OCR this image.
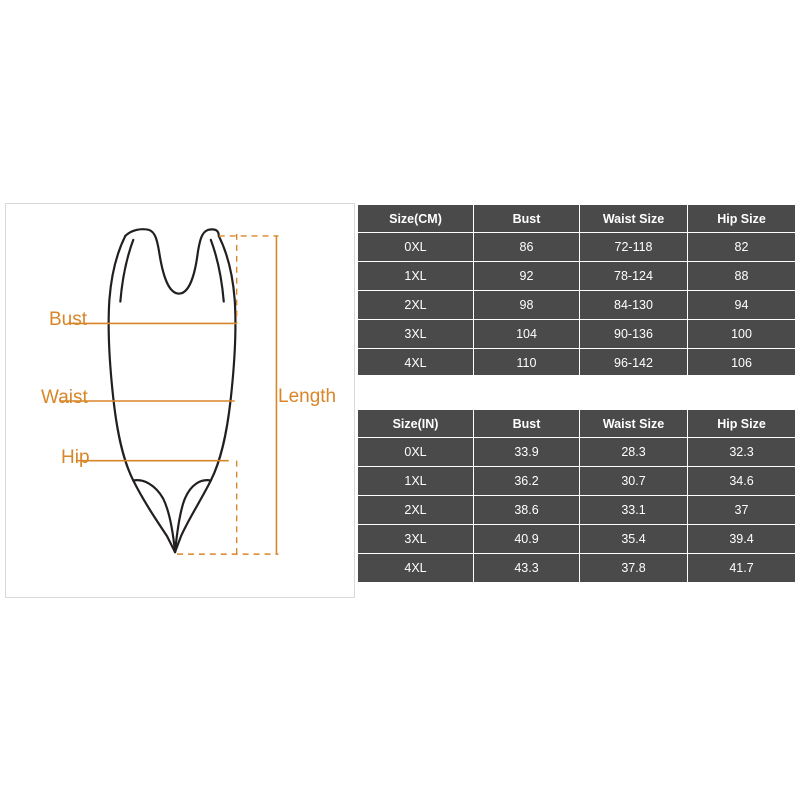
Bust
Waist
Hip
Length
Size(CM)	Bust	Waist Size	Hip Size
0XL	86	72-118	82
1XL	92	78-124	88
2XL	98	84-130	94
3XL	104	90-136	100
4XL	110	96-142	106
Size(IN)	Bust	Waist Size	Hip Size
0XL	33.9	28.3	32.3
1XL	36.2	30.7	34.6
2XL	38.6	33.1	37
3XL	40.9	35.4	39.4
4XL	43.3	37.8	41.7
